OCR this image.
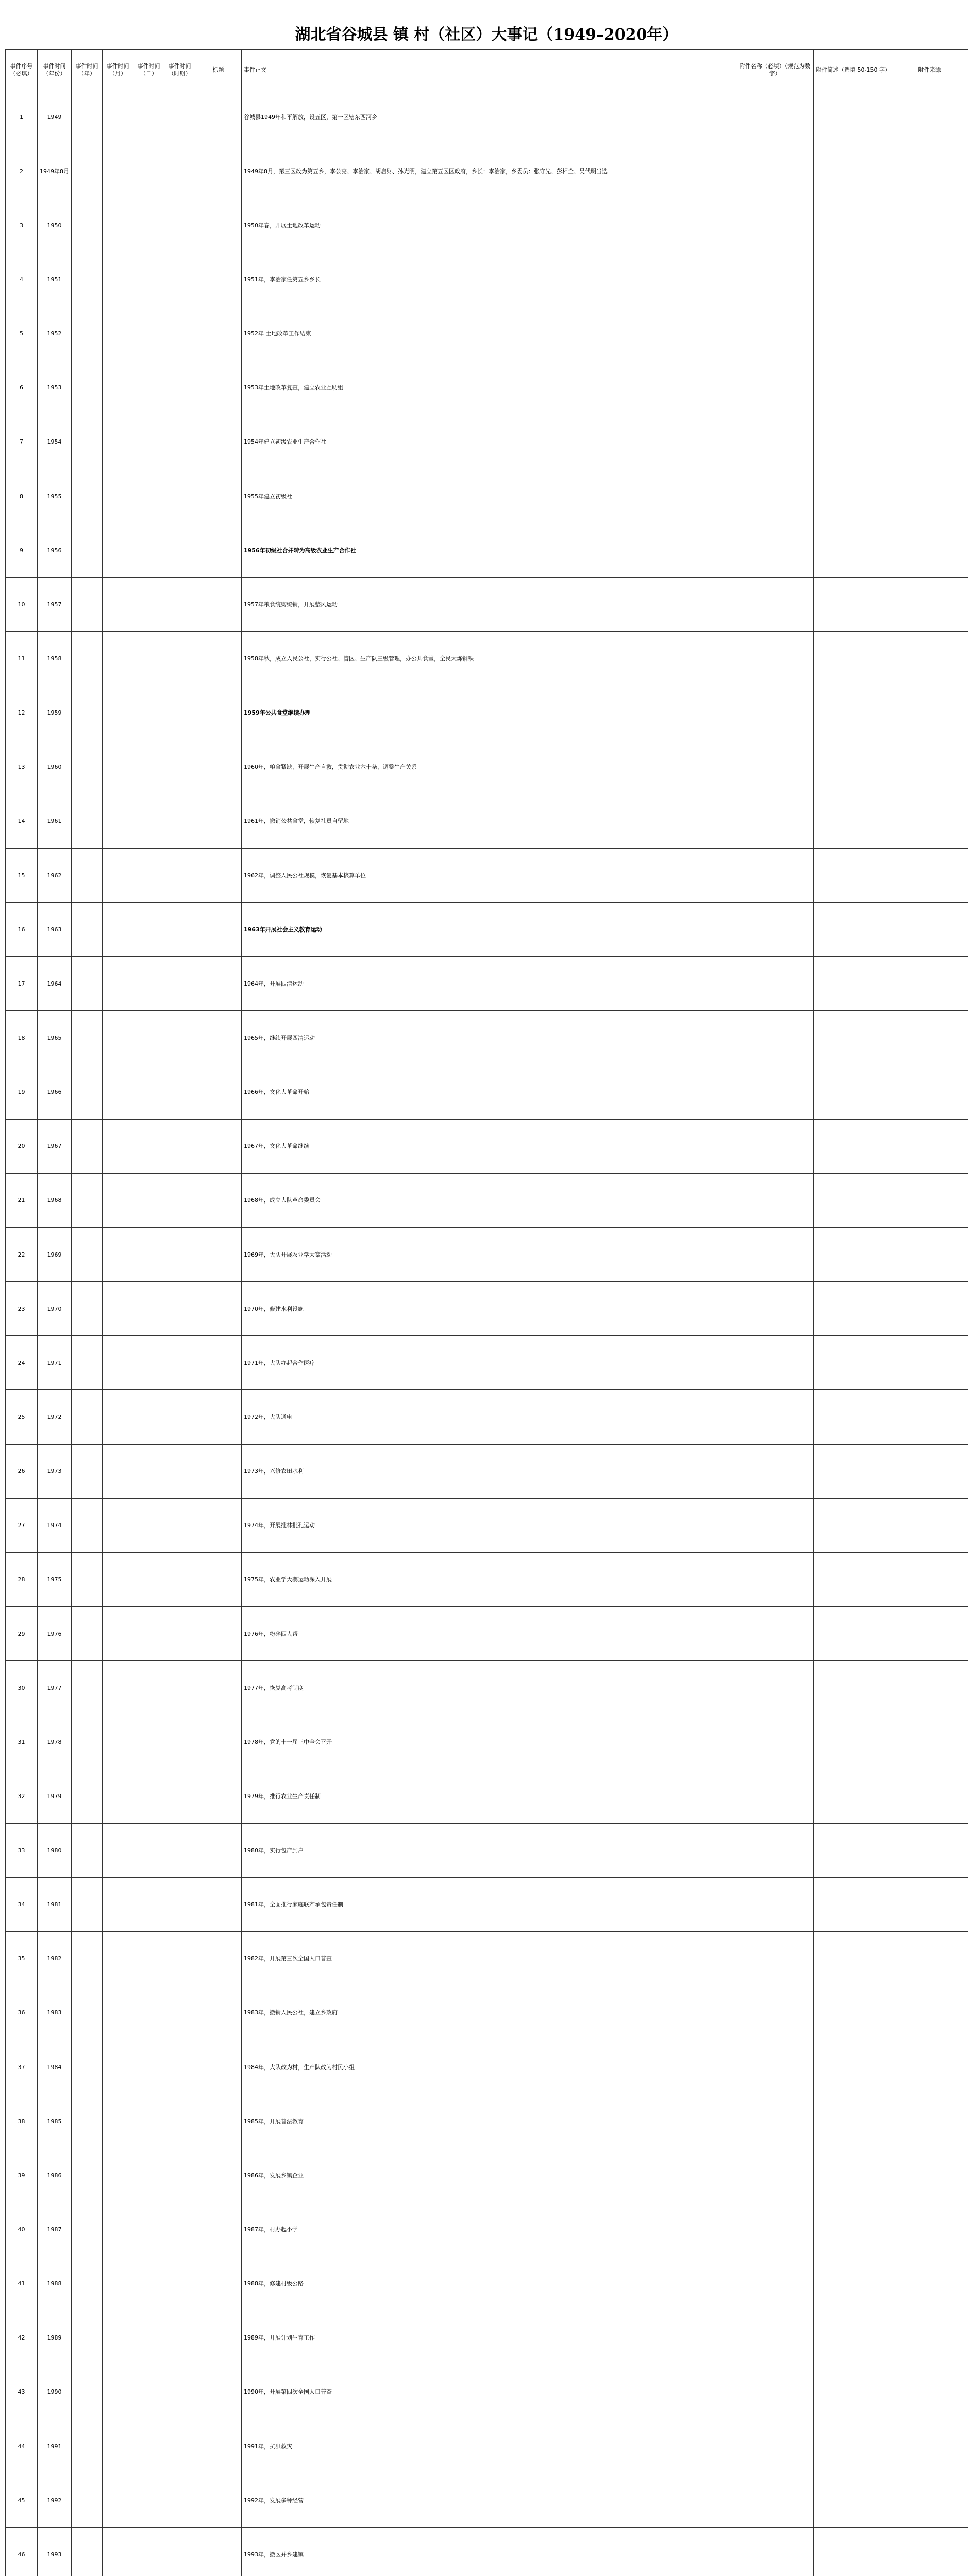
湖北省谷城县 镇 村（社区）大事记（1949–2020年）
事件序号（必填）	事件时间（年份）	事件时间（年）	事件时间（月）	事件时间（日）	事件时间（时期）	标题	事件正文	附件名称（必填）（规范为数字）	附件简述（选填 50-150 字）	附件来源
1	1949						谷城县1949年和平解放，设五区，第一区辖东西河乡			
2	1949年8月						1949年8月，第三区改为第五乡，李公亮、李治家、胡启财、孙光明，建立第五区区政府，乡长：李治家，乡委员：张守先、彭相全、吴代明当选			
3	1950						1950年春，开展土地改革运动			
4	1951						1951年，李治家任第五乡乡长			
5	1952						1952年 土地改革工作结束			
6	1953						1953年土地改革复查，建立农业互助组			
7	1954						1954年建立初级农业生产合作社			
8	1955						1955年建立初级社			
9	1956						1956年初级社合并转为高级农业生产合作社			
10	1957						1957年粮食统购统销，开展整风运动			
11	1958						1958年秋，成立人民公社，实行公社、管区、生产队三级管理，办公共食堂，全民大炼钢铁			
12	1959						1959年公共食堂继续办理			
13	1960						1960年，粮食紧缺，开展生产自救，贯彻农业六十条，调整生产关系			
14	1961						1961年，撤销公共食堂，恢复社员自留地			
15	1962						1962年，调整人民公社规模，恢复基本核算单位			
16	1963						1963年开展社会主义教育运动			
17	1964						1964年，开展四清运动			
18	1965						1965年，继续开展四清运动			
19	1966						1966年，文化大革命开始			
20	1967						1967年，文化大革命继续			
21	1968						1968年，成立大队革命委员会			
22	1969						1969年，大队开展农业学大寨活动			
23	1970						1970年，修建水利设施			
24	1971						1971年，大队办起合作医疗			
25	1972						1972年，大队通电			
26	1973						1973年，兴修农田水利			
27	1974						1974年，开展批林批孔运动			
28	1975						1975年，农业学大寨运动深入开展			
29	1976						1976年，粉碎四人帮			
30	1977						1977年，恢复高考制度			
31	1978						1978年，党的十一届三中全会召开			
32	1979						1979年，推行农业生产责任制			
33	1980						1980年，实行包产到户			
34	1981						1981年，全面推行家庭联产承包责任制			
35	1982						1982年，开展第三次全国人口普查			
36	1983						1983年，撤销人民公社，建立乡政府			
37	1984						1984年，大队改为村，生产队改为村民小组			
38	1985						1985年，开展普法教育			
39	1986						1986年，发展乡镇企业			
40	1987						1987年，村办起小学			
41	1988						1988年，修建村级公路			
42	1989						1989年，开展计划生育工作			
43	1990						1990年，开展第四次全国人口普查			
44	1991						1991年，抗洪救灾			
45	1992						1992年，发展多种经营			
46	1993						1993年，撤区并乡建镇			
